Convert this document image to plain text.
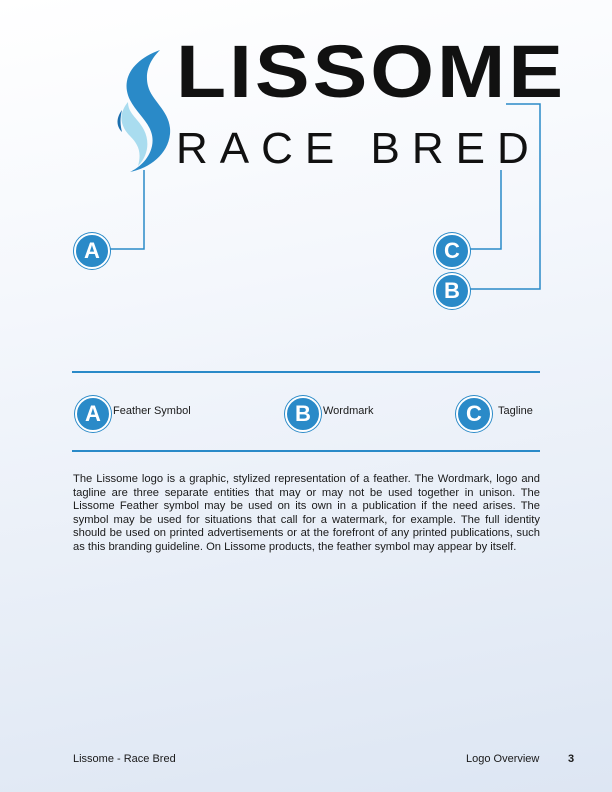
LISSOME
RACE BRED
A	C
B
A	Feather Symbol	B	Wordmark	C	Tagline
The Lissome logo is a graphic, stylized representation of a feather. The Wordmark, logo and tagline are three separate entities that may or may not be used together in unison. The Lissome Feather symbol may be used on its own in a publication if the need arises. The symbol may be used for situations that call for a watermark, for example. The full identity should be used on printed advertisements or at the forefront of any printed publications, such as this branding guideline. On Lissome products, the feather symbol may appear by itself.
Lissome - Race Bred	Logo Overview	3
